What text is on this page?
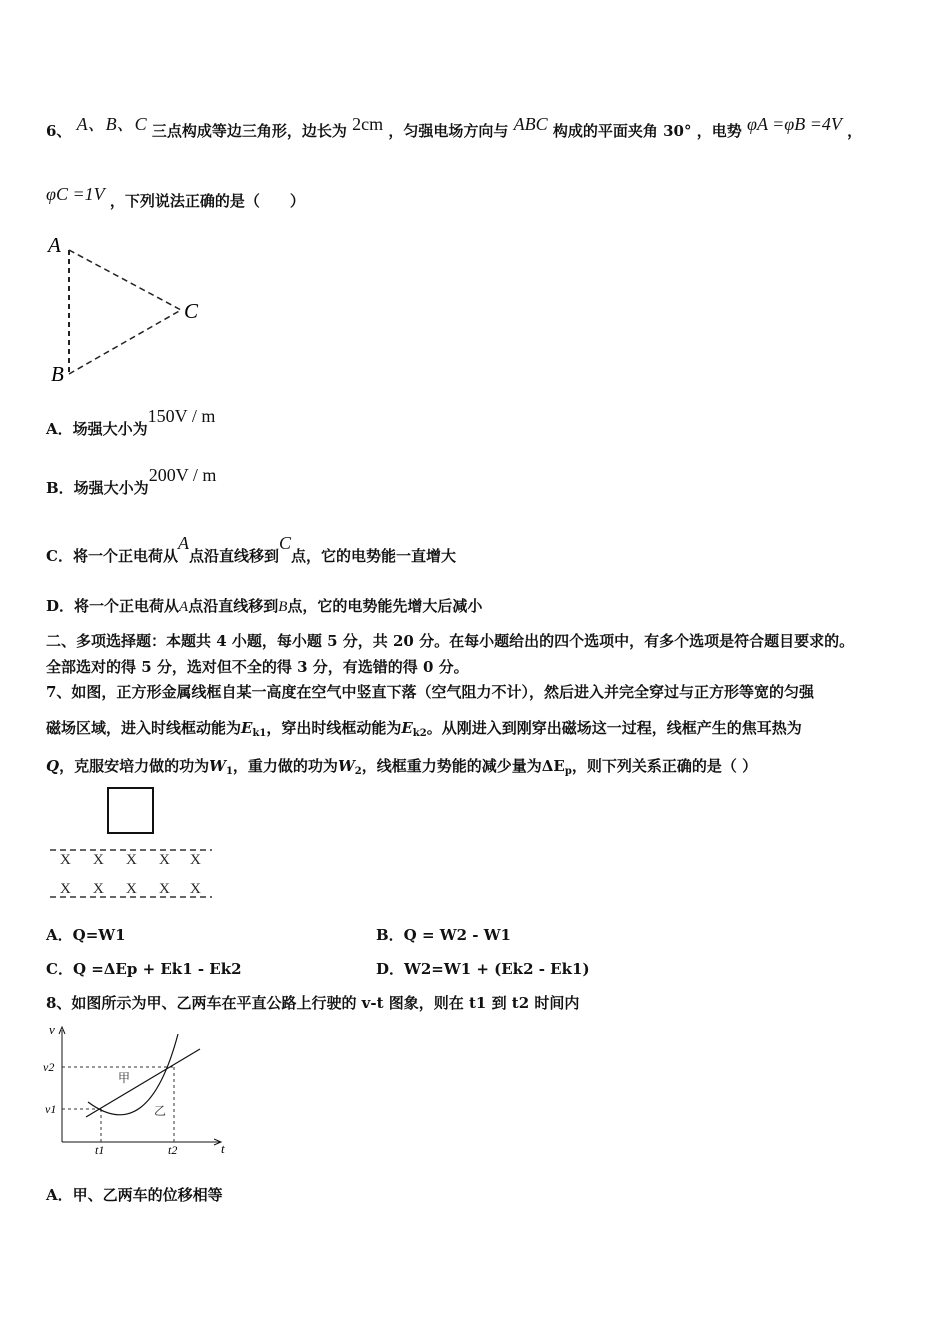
6、 A、B、C 三点构成等边三角形，边长为 2cm ，匀强电场方向与 ABC 构成的平面夹角 30° ，电势 φA =φB =4V ，
φC =1V ，下列说法正确的是（　　）
A
B
C
A．场强大小为150V / m
B．场强大小为200V / m
C．将一个正电荷从A点沿直线移到C点，它的电势能一直增大
D．将一个正电荷从A点沿直线移到B点，它的电势能先增大后减小
二、多项选择题：本题共 4 小题，每小题 5 分，共 20 分。在每小题给出的四个选项中，有多个选项是符合题目要求的。
全部选对的得 5 分，选对但不全的得 3 分，有选错的得 0 分。
7、如图，正方形金属线框自某一高度在空气中竖直下落（空气阻力不计），然后进入并完全穿过与正方形等宽的匀强
磁场区域，进入时线框动能为$E_{k1}$，穿出时线框动能为$E_{k2}$。从刚进入到刚穿出磁场这一过程，线框产生的焦耳热为
Q，克服安培力做的功为$W_1$，重力做的功为$W_2$，线框重力势能的减少量为$\Delta E_p$，则下列关系正确的是（ ）
X X X X X
X X X X X
A．Q=W1	B．Q = W2 - W1
C．Q =ΔEp + Ek1 - Ek2	D．W2=W1 + (Ek2 - Ek1)
8、如图所示为甲、乙两车在平直公路上行驶的 v-t 图象，则在 t1 到 t2 时间内
v
t
v2
v1
t1	t2
甲
乙
A．甲、乙两车的位移相等
